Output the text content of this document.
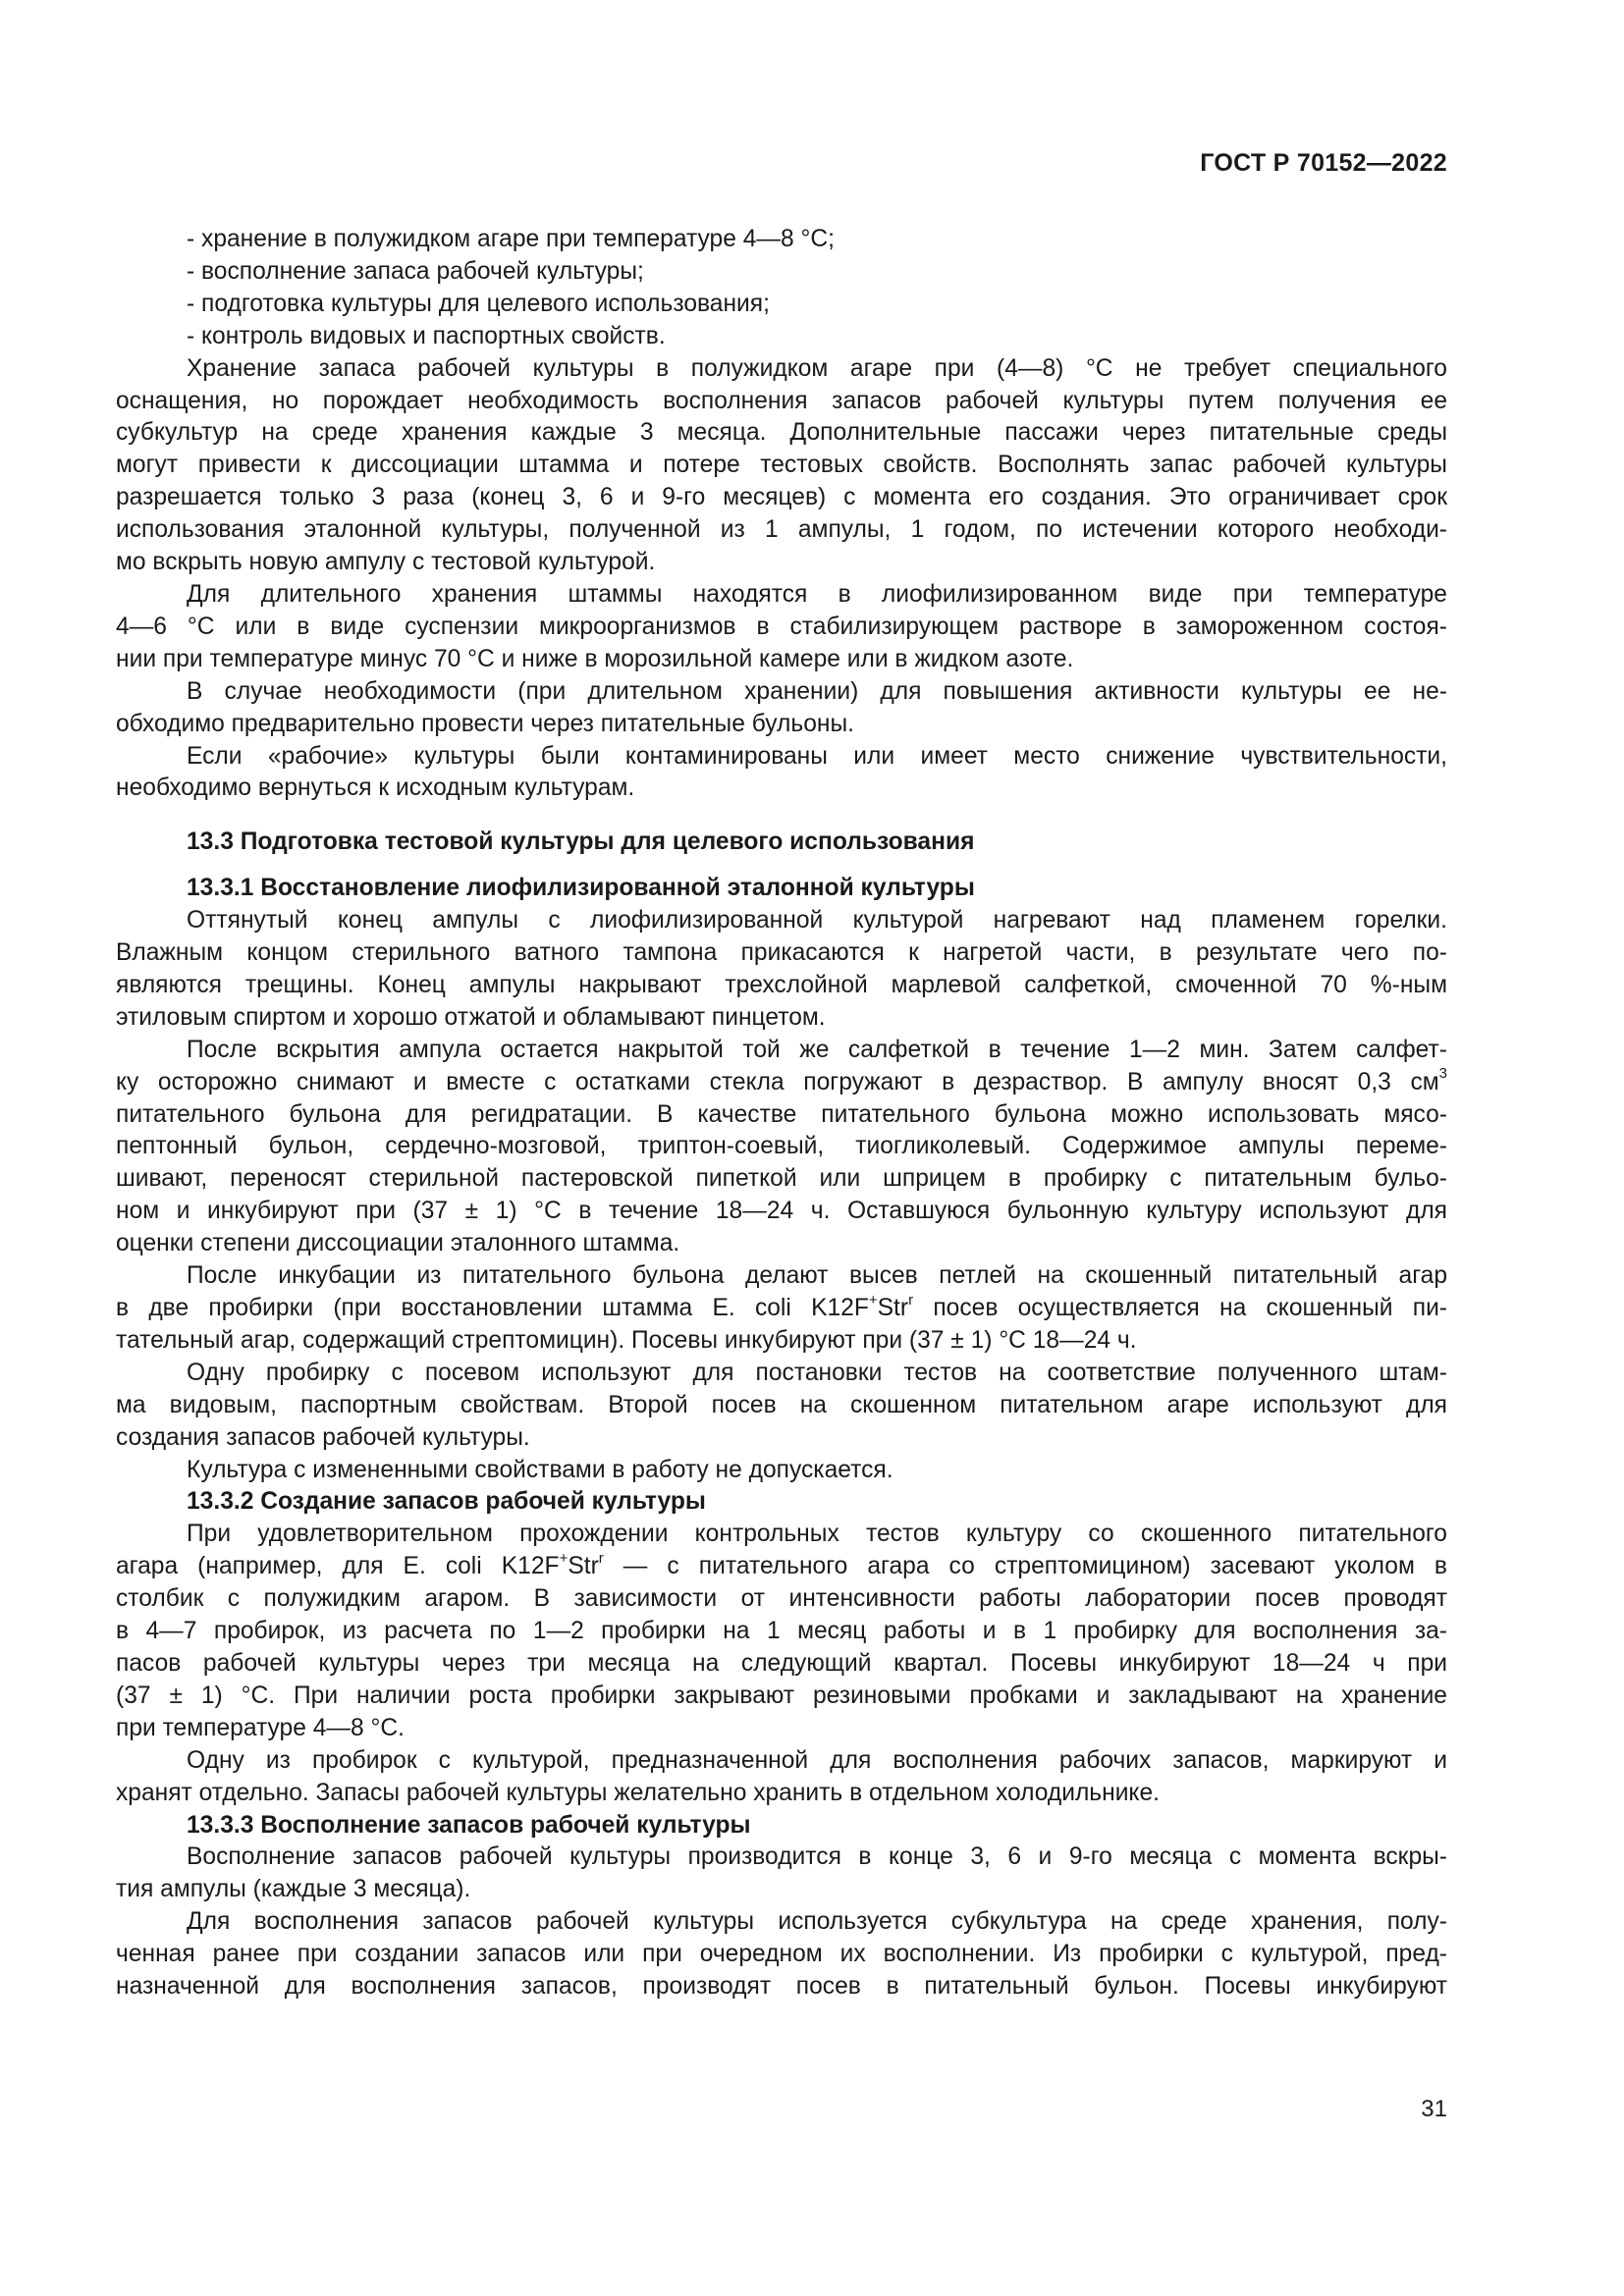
ГОСТ Р 70152—2022
- хранение в полужидком агаре при температуре 4—8 °С;
- восполнение запаса рабочей культуры;
- подготовка культуры для целевого использования;
- контроль видовых и паспортных свойств.
Хранение запаса рабочей культуры в полужидком агаре при (4—8) °С не требует специального
оснащения, но порождает необходимость восполнения запасов рабочей культуры путем получения ее
субкультур на среде хранения каждые 3 месяца. Дополнительные пассажи через питательные среды
могут привести к диссоциации штамма и потере тестовых свойств. Восполнять запас рабочей культуры
разрешается только 3 раза (конец 3, 6 и 9-го месяцев) с момента его создания. Это ограничивает срок
использования эталонной культуры, полученной из 1 ампулы, 1 годом, по истечении которого необходи-
мо вскрыть новую ампулу с тестовой культурой.
Для длительного хранения штаммы находятся в лиофилизированном виде при температуре
4—6 °С или в виде суспензии микроорганизмов в стабилизирующем растворе в замороженном состоя-
нии при температуре минус 70 °С и ниже в морозильной камере или в жидком азоте.
В случае необходимости (при длительном хранении) для повышения активности культуры ее не-
обходимо предварительно провести через питательные бульоны.
Если «рабочие» культуры были контаминированы или имеет место снижение чувствительности,
необходимо вернуться к исходным культурам.
13.3 Подготовка тестовой культуры для целевого использования
13.3.1 Восстановление лиофилизированной эталонной культуры
Оттянутый конец ампулы с лиофилизированной культурой нагревают над пламенем горелки.
Влажным концом стерильного ватного тампона прикасаются к нагретой части, в результате чего по-
являются трещины. Конец ампулы накрывают трехслойной марлевой салфеткой, смоченной 70 %-ным
этиловым спиртом и хорошо отжатой и обламывают пинцетом.
После вскрытия ампула остается накрытой той же салфеткой в течение 1—2 мин. Затем салфет-
ку осторожно снимают и вместе с остатками стекла погружают в дезраствор. В ампулу вносят 0,3 $см^3$
питательного бульона для регидратации. В качестве питательного бульона можно использовать мясо-
пептонный бульон, сердечно-мозговой, триптон-соевый, тиогликолевый. Содержимое ампулы переме-
шивают, переносят стерильной пастеровской пипеткой или шприцем в пробирку с питательным бульо-
ном и инкубируют при (37 ± 1) °С в течение 18—24 ч. Оставшуюся бульонную культуру используют для
оценки степени диссоциации эталонного штамма.
После инкубации из питательного бульона делают высев петлей на скошенный питательный агар
в две пробирки (при восстановлении штамма E. coli K12F+Str$^r$ посев осуществляется на скошенный пи-
тательный агар, содержащий стрептомицин). Посевы инкубируют при (37 ± 1) °С 18—24 ч.
Одну пробирку с посевом используют для постановки тестов на соответствие полученного штам-
ма видовым, паспортным свойствам. Второй посев на скошенном питательном агаре используют для
создания запасов рабочей культуры.
Культура с измененными свойствами в работу не допускается.
13.3.2 Создание запасов рабочей культуры
При удовлетворительном прохождении контрольных тестов культуру со скошенного питательного
агара (например, для E. coli K12F+Str$^r$ — с питательного агара со стрептомицином) засевают уколом в
столбик с полужидким агаром. В зависимости от интенсивности работы лаборатории посев проводят
в 4—7 пробирок, из расчета по 1—2 пробирки на 1 месяц работы и в 1 пробирку для восполнения за-
пасов рабочей культуры через три месяца на следующий квартал. Посевы инкубируют 18—24 ч при
(37 ± 1) °С. При наличии роста пробирки закрывают резиновыми пробками и закладывают на хранение
при температуре 4—8 °С.
Одну из пробирок с культурой, предназначенной для восполнения рабочих запасов, маркируют и
хранят отдельно. Запасы рабочей культуры желательно хранить в отдельном холодильнике.
13.3.3 Восполнение запасов рабочей культуры
Восполнение запасов рабочей культуры производится в конце 3, 6 и 9-го месяца с момента вскры-
тия ампулы (каждые 3 месяца).
Для восполнения запасов рабочей культуры используется субкультура на среде хранения, полу-
ченная ранее при создании запасов или при очередном их восполнении. Из пробирки с культурой, пред-
назначенной для восполнения запасов, производят посев в питательный бульон. Посевы инкубируют
31
